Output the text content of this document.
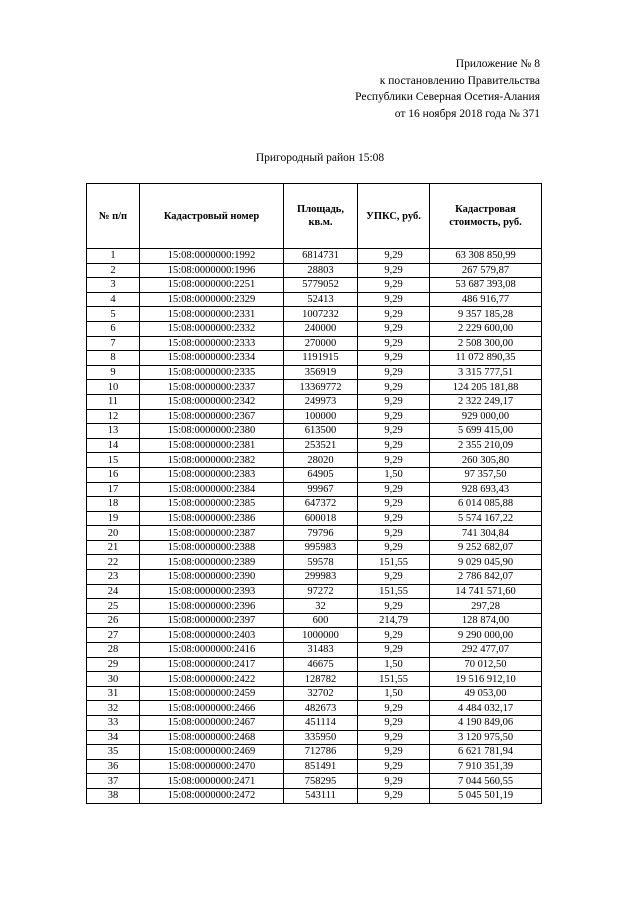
Приложение № 8
к постановлению Правительства
Республики Северная Осетия-Алания
от 16 ноября 2018 года № 371
Пригородный район 15:08
№ п/п	Кадастровый номер	Площадь, кв.м.	УПКС, руб.	Кадастровая стоимость, руб.
1	15:08:0000000:1992	6814731	9,29	63 308 850,99
2	15:08:0000000:1996	28803	9,29	267 579,87
3	15:08:0000000:2251	5779052	9,29	53 687 393,08
4	15:08:0000000:2329	52413	9,29	486 916,77
5	15:08:0000000:2331	1007232	9,29	9 357 185,28
6	15:08:0000000:2332	240000	9,29	2 229 600,00
7	15:08:0000000:2333	270000	9,29	2 508 300,00
8	15:08:0000000:2334	1191915	9,29	11 072 890,35
9	15:08:0000000:2335	356919	9,29	3 315 777,51
10	15:08:0000000:2337	13369772	9,29	124 205 181,88
11	15:08:0000000:2342	249973	9,29	2 322 249,17
12	15:08:0000000:2367	100000	9,29	929 000,00
13	15:08:0000000:2380	613500	9,29	5 699 415,00
14	15:08:0000000:2381	253521	9,29	2 355 210,09
15	15:08:0000000:2382	28020	9,29	260 305,80
16	15:08:0000000:2383	64905	1,50	97 357,50
17	15:08:0000000:2384	99967	9,29	928 693,43
18	15:08:0000000:2385	647372	9,29	6 014 085,88
19	15:08:0000000:2386	600018	9,29	5 574 167,22
20	15:08:0000000:2387	79796	9,29	741 304,84
21	15:08:0000000:2388	995983	9,29	9 252 682,07
22	15:08:0000000:2389	59578	151,55	9 029 045,90
23	15:08:0000000:2390	299983	9,29	2 786 842,07
24	15:08:0000000:2393	97272	151,55	14 741 571,60
25	15:08:0000000:2396	32	9,29	297,28
26	15:08:0000000:2397	600	214,79	128 874,00
27	15:08:0000000:2403	1000000	9,29	9 290 000,00
28	15:08:0000000:2416	31483	9,29	292 477,07
29	15:08:0000000:2417	46675	1,50	70 012,50
30	15:08:0000000:2422	128782	151,55	19 516 912,10
31	15:08:0000000:2459	32702	1,50	49 053,00
32	15:08:0000000:2466	482673	9,29	4 484 032,17
33	15:08:0000000:2467	451114	9,29	4 190 849,06
34	15:08:0000000:2468	335950	9,29	3 120 975,50
35	15:08:0000000:2469	712786	9,29	6 621 781,94
36	15:08:0000000:2470	851491	9,29	7 910 351,39
37	15:08:0000000:2471	758295	9,29	7 044 560,55
38	15:08:0000000:2472	543111	9,29	5 045 501,19
